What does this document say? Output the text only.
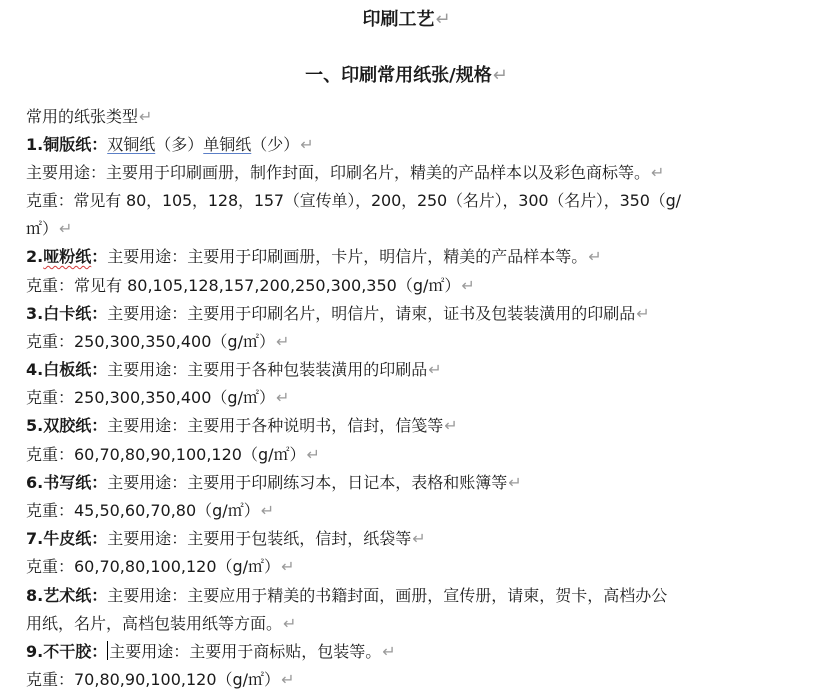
印刷工艺↵
一、印刷常用纸张/规格↵
常用的纸张类型↵
1.铜版纸：双铜纸（多）单铜纸（少）↵
主要用途：主要用于印刷画册，制作封面，印刷名片，精美的产品样本以及彩色商标等。↵
克重：常见有 80，105，128，157（宣传单），200，250（名片），300（名片），350（g/
㎡）↵
2.哑粉纸：主要用途：主要用于印刷画册，卡片，明信片，精美的产品样本等。↵
克重：常见有 80,105,128,157,200,250,300,350（g/㎡）↵
3.白卡纸：主要用途：主要用于印刷名片，明信片，请柬，证书及包装装潢用的印刷品↵
克重：250,300,350,400（g/㎡）↵
4.白板纸：主要用途：主要用于各种包装装潢用的印刷品↵
克重：250,300,350,400（g/㎡）↵
5.双胶纸：主要用途：主要用于各种说明书，信封，信笺等↵
克重：60,70,80,90,100,120（g/㎡）↵
6.书写纸：主要用途：主要用于印刷练习本，日记本，表格和账簿等↵
克重：45,50,60,70,80（g/㎡）↵
7.牛皮纸：主要用途：主要用于包装纸，信封，纸袋等↵
克重：60,70,80,100,120（g/㎡）↵
8.艺术纸：主要用途：主要应用于精美的书籍封面，画册，宣传册，请柬，贺卡，高档办公
用纸，名片，高档包装用纸等方面。↵
9.不干胶： 主要用途：主要用于商标贴，包装等。↵
克重：70,80,90,100,120（g/㎡）↵
